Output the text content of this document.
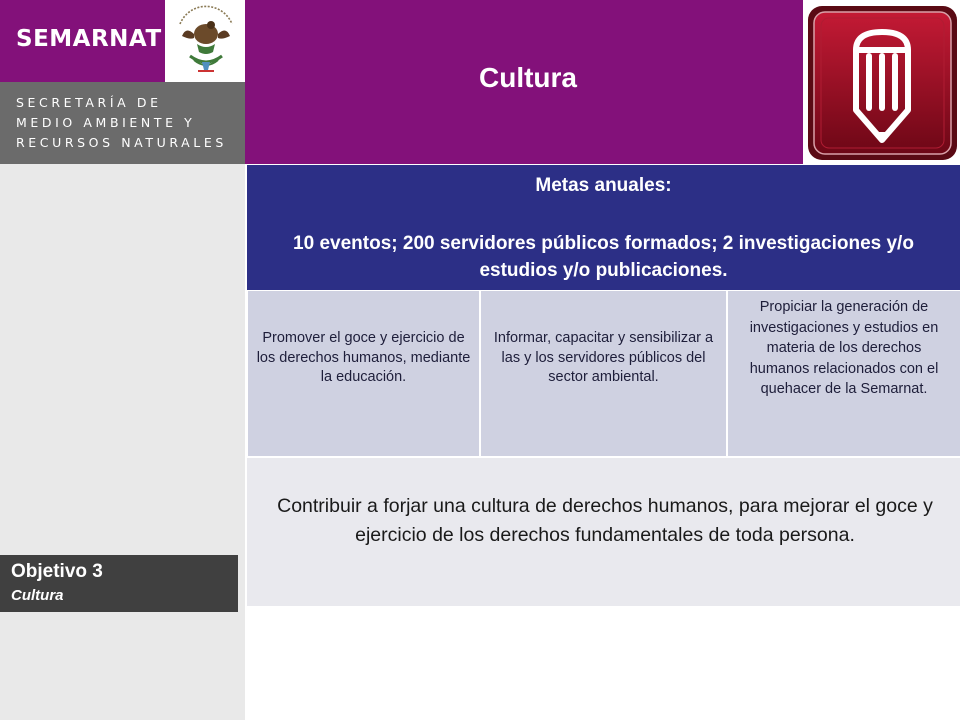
SEMARNAT
SECRETARÍA DE
MEDIO AMBIENTE Y
RECURSOS NATURALES
Cultura
Objetivo 3
Cultura
Metas anuales:
10 eventos; 200 servidores públicos formados; 2 investigaciones y/o estudios y/o publicaciones.
Promover el goce y ejercicio de los derechos humanos, mediante la educación.
Informar, capacitar y sensibilizar a las y los servidores públicos del sector ambiental.
Propiciar la generación de investigaciones y estudios en materia de los derechos humanos relacionados con el quehacer de la Semarnat.
Contribuir a forjar una cultura de derechos humanos, para mejorar el goce y ejercicio de los derechos fundamentales de toda persona.
